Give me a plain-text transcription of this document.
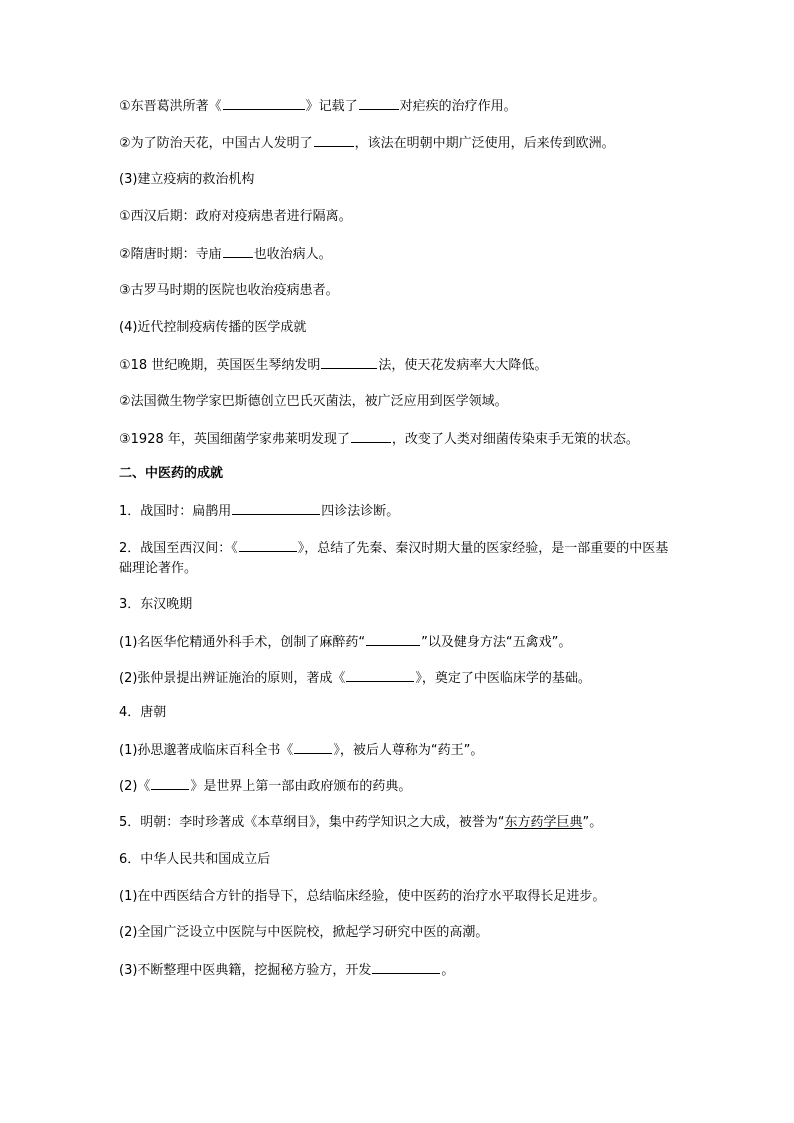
①东晋葛洪所著《	》记载了	对疟疾的治疗作用。
②为了防治天花，中国古人发明了	，该法在明朝中期广泛使用，后来传到欧洲。
(3)建立疫病的救治机构
①西汉后期：政府对疫病患者进行隔离。
②隋唐时期：寺庙 也收治病人。
③古罗马时期的医院也收治疫病患者。
(4)近代控制疫病传播的医学成就
①18 世纪晚期，英国医生琴纳发明	法，使天花发病率大大降低。
②法国微生物学家巴斯德创立巴氏灭菌法，被广泛应用到医学领域。
③1928 年，英国细菌学家弗莱明发现了	，改变了人类对细菌传染束手无策的状态。
二、中医药的成就
1．战国时：扁鹊用	四诊法诊断。
2．战国至西汉间：《	》，总结了先秦、秦汉时期大量的医家经验，是一部重要的中医基础理论著作。
3．东汉晚期
(1)名医华佗精通外科手术，创制了麻醉药“	”以及健身方法“五禽戏”。
(2)张仲景提出辨证施治的原则，著成《	》，奠定了中医临床学的基础。
4．唐朝
(1)孙思邈著成临床百科全书《	》，被后人尊称为“药王”。
(2)《	》是世界上第一部由政府颁布的药典。
5．明朝：李时珍著成《本草纲目》，集中药学知识之大成，被誉为“东方药学巨典”。
6．中华人民共和国成立后
(1)在中西医结合方针的指导下，总结临床经验，使中医药的治疗水平取得长足进步。
(2)全国广泛设立中医院与中医院校，掀起学习研究中医的高潮。
(3)不断整理中医典籍，挖掘秘方验方，开发	。
